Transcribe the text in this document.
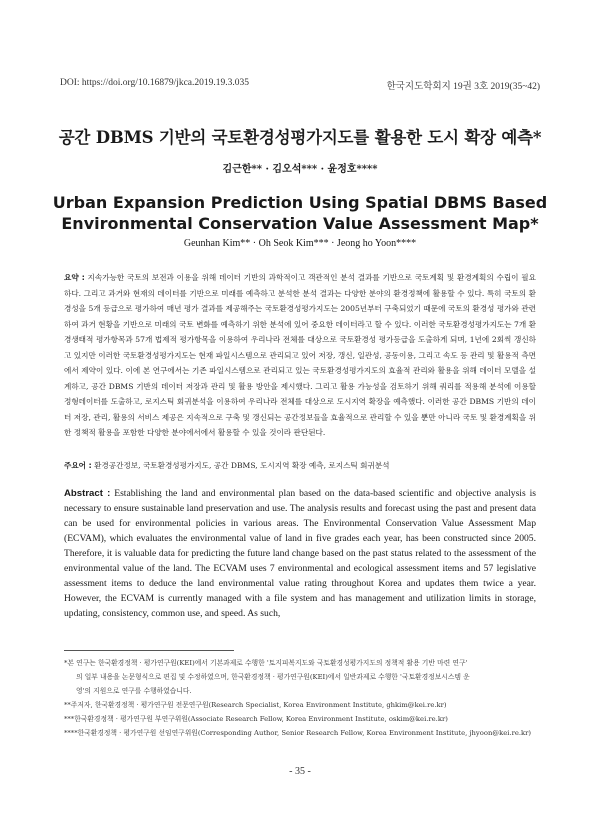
DOI: https://doi.org/10.16879/jkca.2019.19.3.035	한국지도학회지 19권 3호 2019(35~42)
공간 DBMS 기반의 국토환경성평가지도를 활용한 도시 확장 예측*
김근한** · 김오석*** · 윤정호****
Urban Expansion Prediction Using Spatial DBMS Based
Environmental Conservation Value Assessment Map*
Geunhan Kim** · Oh Seok Kim*** · Jeong ho Yoon****
요약 : 지속가능한 국토의 보전과 이용을 위해 데이터 기반의 과학적이고 객관적인 분석 결과를 기반으로 국토계획 및 환경계획의 수립이 필요하다. 그리고 과거와 현재의 데이터를 기반으로 미래를 예측하고 분석한 분석 결과는 다양한 분야의 환경정책에 활용할 수 있다. 특히 국토의 환경성을 5개 등급으로 평가하여 매년 평가 결과를 제공해주는 국토환경성평가지도는 2005년부터 구축되었기 때문에 국토의 환경성 평가와 관련하여 과거 현황을 기반으로 미래의 국토 변화를 예측하기 위한 분석에 있어 중요한 데이터라고 할 수 있다. 이러한 국토환경성평가지도는 7개 환경생태적 평가항목과 57개 법제적 평가항목을 이용하여 우리나라 전체를 대상으로 국토환경성 평가등급을 도출하게 되며, 1년에 2회씩 갱신하고 있지만 이러한 국토환경성평가지도는 현재 파일시스템으로 관리되고 있어 저장, 갱신, 일관성, 공동이용, 그리고 속도 등 관리 및 활용적 측면에서 제약이 있다. 이에 본 연구에서는 기존 파일시스템으로 관리되고 있는 국토환경성평가지도의 효율적 관리와 활용을 위해 데이터 모델을 설계하고, 공간 DBMS 기반의 데이터 저장과 관리 및 활용 방안을 제시했다. 그리고 활용 가능성을 검토하기 위해 쿼리를 적용해 분석에 이용할 정형데이터를 도출하고, 로지스틱 회귀분석을 이용하여 우리나라 전체를 대상으로 도시지역 확장을 예측했다. 이러한 공간 DBMS 기반의 데이터 저장, 관리, 활용의 서비스 제공은 지속적으로 구축 및 갱신되는 공간정보들을 효율적으로 관리할 수 있을 뿐만 아니라 국토 및 환경계획을 위한 정책적 활용을 포함한 다양한 분야에서에서 활용할 수 있을 것이라 판단된다.
주요어 : 환경공간정보, 국토환경성평가지도, 공간 DBMS, 도시지역 확장 예측, 로지스틱 회귀분석
Abstract : Establishing the land and environmental plan based on the data-based scientific and objective analysis is necessary to ensure sustainable land preservation and use. The analysis results and forecast using the past and present data can be used for environmental policies in various areas. The Environmental Conservation Value Assessment Map (ECVAM), which evaluates the environmental value of land in five grades each year, has been constructed since 2005. Therefore, it is valuable data for predicting the future land change based on the past status related to the assessment of the environmental value of the land. The ECVAM uses 7 environmental and ecological assessment items and 57 legislative assessment items to deduce the land environmental value rating throughout Korea and updates them twice a year. However, the ECVAM is currently managed with a file system and has management and utilization limits in storage, updating, consistency, common use, and speed. As such,

*본 연구는 한국환경정책 · 평가연구원(KEI)에서 기본과제로 수행한 '토지피복지도와 국토환경성평가지도의 정책적 활용 기반 마련 연구'

의 일부 내용을 논문형식으로 편집 및 수정하였으며, 한국환경정책 · 평가연구원(KEI)에서 일반과제로 수행한 '국토환경정보시스템 운

영'의 지원으로 연구를 수행하였습니다.

**주저자, 한국환경정책 · 평가연구원 전문연구원(Research Specialist, Korea Environment Institute, ghkim@kei.re.kr)

***한국환경정책 · 평가연구원 부연구위원(Associate Research Fellow, Korea Environment Institute, oskim@kei.re.kr)

****한국환경정책 · 평가연구원 선임연구위원(Corresponding Author, Senior Research Fellow, Korea Environment Institute, jhyoon@kei.re.kr)

- 35 -
